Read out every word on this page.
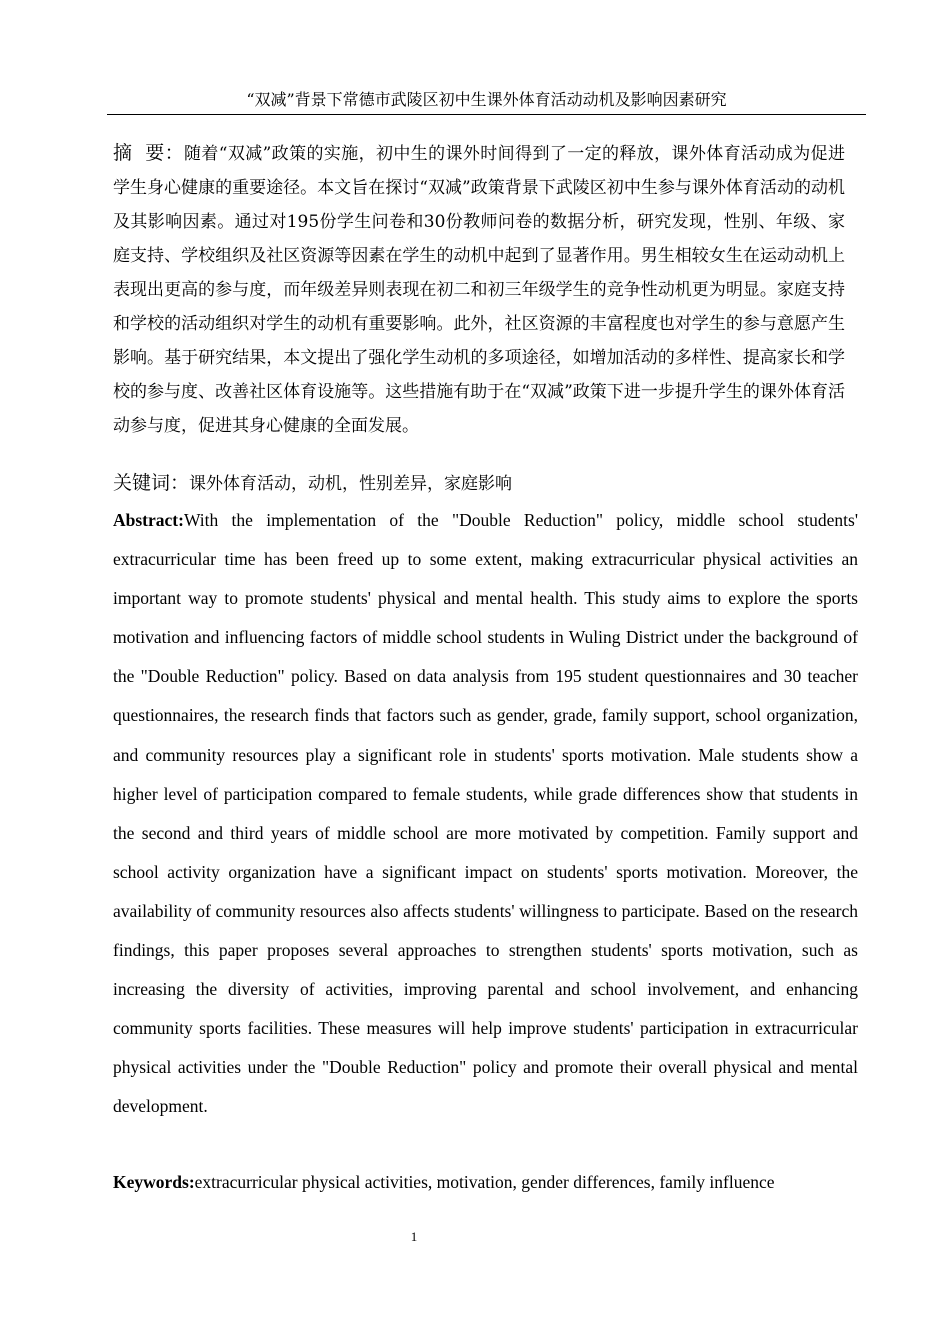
“双减”背景下常德市武陵区初中生课外体育活动动机及影响因素研究
摘  要：随着“双减”政策的实施，初中生的课外时间得到了一定的释放，课外体育活动成为促进学生身心健康的重要途径。本文旨在探讨“双减”政策背景下武陵区初中生参与课外体育活动的动机及其影响因素。通过对195份学生问卷和30份教师问卷的数据分析，研究发现，性别、年级、家庭支持、学校组织及社区资源等因素在学生的动机中起到了显著作用。男生相较女生在运动动机上表现出更高的参与度，而年级差异则表现在初二和初三年级学生的竞争性动机更为明显。家庭支持和学校的活动组织对学生的动机有重要影响。此外，社区资源的丰富程度也对学生的参与意愿产生影响。基于研究结果，本文提出了强化学生动机的多项途径，如增加活动的多样性、提高家长和学校的参与度、改善社区体育设施等。这些措施有助于在“双减”政策下进一步提升学生的课外体育活动参与度，促进其身心健康的全面发展。
关键词：课外体育活动，动机，性别差异，家庭影响
Abstract:With the implementation of the "Double Reduction" policy, middle school students' extracurricular time has been freed up to some extent, making extracurricular physical activities an important way to promote students' physical and mental health. This study aims to explore the sports motivation and influencing factors of middle school students in Wuling District under the background of the "Double Reduction" policy. Based on data analysis from 195 student questionnaires and 30 teacher questionnaires, the research finds that factors such as gender, grade, family support, school organization, and community resources play a significant role in students' sports motivation. Male students show a higher level of participation compared to female students, while grade differences show that students in the second and third years of middle school are more motivated by competition. Family support and school activity organization have a significant impact on students' sports motivation. Moreover, the availability of community resources also affects students' willingness to participate. Based on the research findings, this paper proposes several approaches to strengthen students' sports motivation, such as increasing the diversity of activities, improving parental and school involvement, and enhancing community sports facilities. These measures will help improve students' participation in extracurricular physical activities under the "Double Reduction" policy and promote their overall physical and mental development.
Keywords:extracurricular physical activities, motivation, gender differences, family influence
1
